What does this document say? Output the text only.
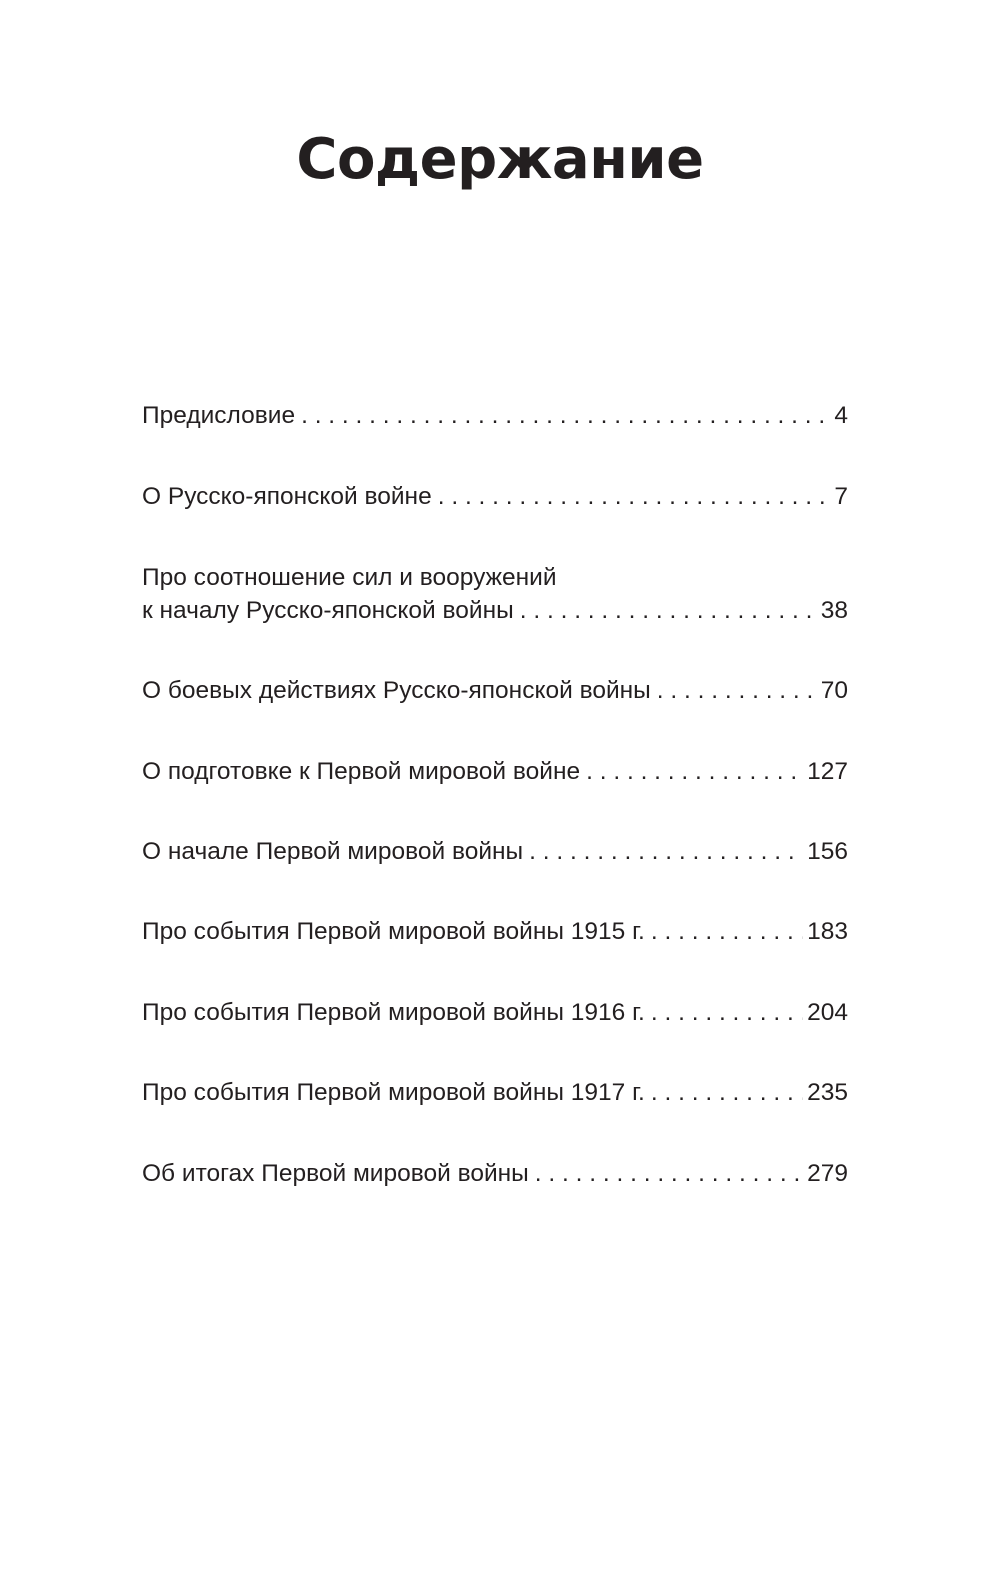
Содержание
Предисловие . . .	4
О Русско-японской войне . . .	7
Про соотношение сил и вооружений
к началу Русско-японской войны . . .	38
О боевых действиях Русско-японской войны . . .	70
О подготовке к Первой мировой войне . . .	127
О начале Первой мировой войны . . .	156
Про события Первой мировой войны 1915 г. . . .	183
Про события Первой мировой войны 1916 г. . . .	204
Про события Первой мировой войны 1917 г. . . .	235
Об итогах Первой мировой войны . . .	279
